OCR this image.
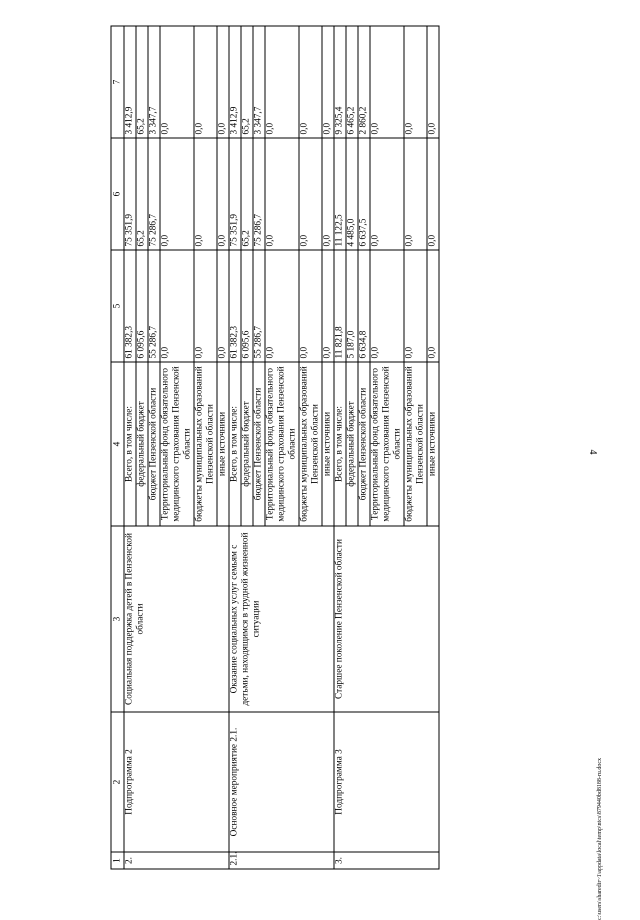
4
1	2	3	4	5	6	7
2.	Подпрограмма 2	Социальная поддержка детей в Пензенской области	Всего, в том числе:	61 382,3	75 351,9	3 412,9
			федеральный бюджет	6 095,6	65,2	65,2
			бюджет Пензенской области	55 286,7	75 286,7	3 347,7
			Территориальный фонд обязательного медицинского страхования Пензенской области	0,0	0,0	0,0
			бюджеты муниципальных образований Пензенской области	0,0	0,0	0,0
			иные источники	0,0	0,0	0,0
2.1.	Основное мероприятие 2.1.	Оказание социальных услуг семьям с детьми, находящимся в трудной жизненной ситуации	Всего, в том числе:	61 382,3	75 351,9	3 412,9
			федеральный бюджет	6 095,6	65,2	65,2
			бюджет Пензенской области	55 286,7	75 286,7	3 347,7
			Территориальный фонд обязательного медицинского страхования Пензенской области	0,0	0,0	0,0
			бюджеты муниципальных образований Пензенской области	0,0	0,0	0,0
			иные источники	0,0	0,0	0,0
3.	Подпрограмма 3	Старшее поколение Пензенской области	Всего, в том числе:	11 821,8	11 122,5	9 325,4
			федеральный бюджет	5 187,0	4 485,0	6 465,2
			бюджет Пензенской области	6 634,8	6 637,5	2 860,2
			Территориальный фонд обязательного медицинского страхования Пензенской области	0,0	0,0	0,0
			бюджеты муниципальных образований Пензенской области	0,0	0,0	0,0
			иные источники	0,0	0,0	0,0
c:\users\sharedir~1\appdata\local\temp\ntcs\879440bd8188-ru.docx
